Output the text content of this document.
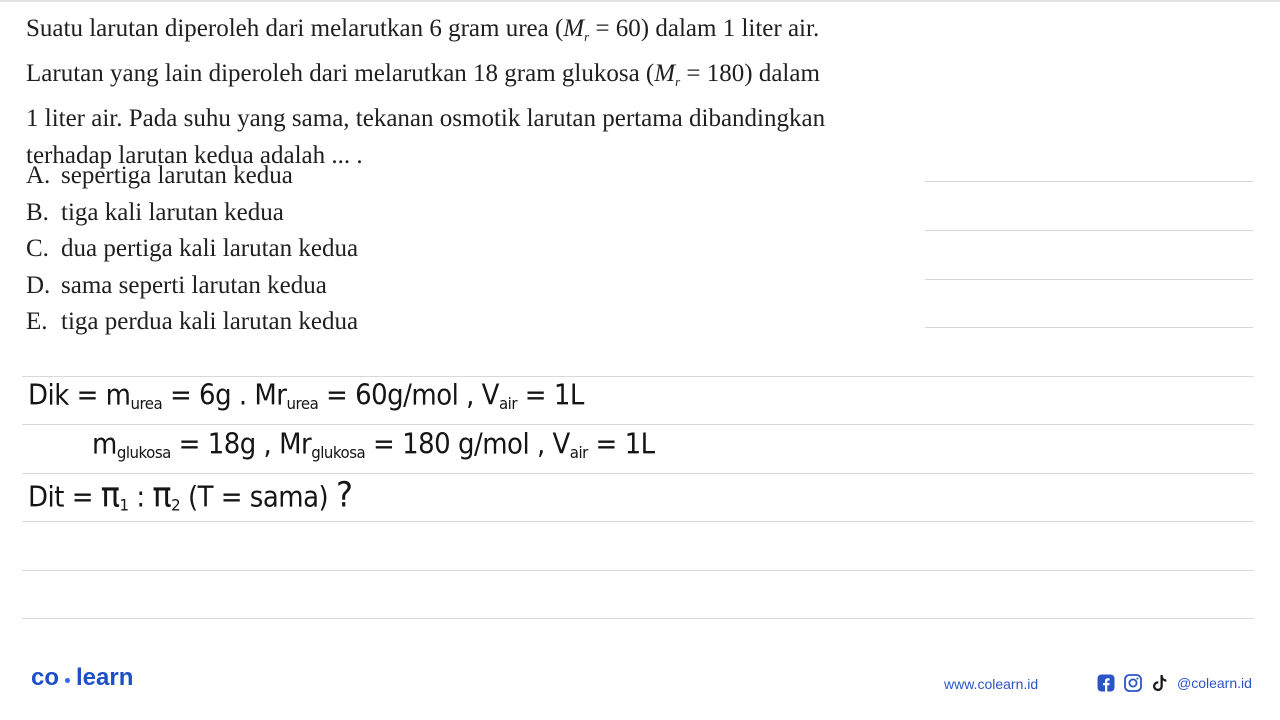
Suatu larutan diperoleh dari melarutkan 6 gram urea $(M_r = 60)$ dalam 1 liter air.

Larutan yang lain diperoleh dari melarutkan 18 gram glukosa $(M_r = 180)$ dalam

1 liter air. Pada suhu yang sama, tekanan osmotik larutan pertama dibandingkan

terhadap larutan kedua adalah ... .

A. sepertiga larutan kedua
B. tiga kali larutan kedua
C. dua pertiga kali larutan kedua
D. sama seperti larutan kedua
E. tiga perdua kali larutan kedua
Dik = murea = 6g . Mrurea = 60g/mol , Vair = 1L
mglukosa = 18g , Mrglukosa = 180 g/mol , Vair = 1L
Dit = π1 : π2 (T = sama) ?
co learn	www.colearn.id	@colearn.id
